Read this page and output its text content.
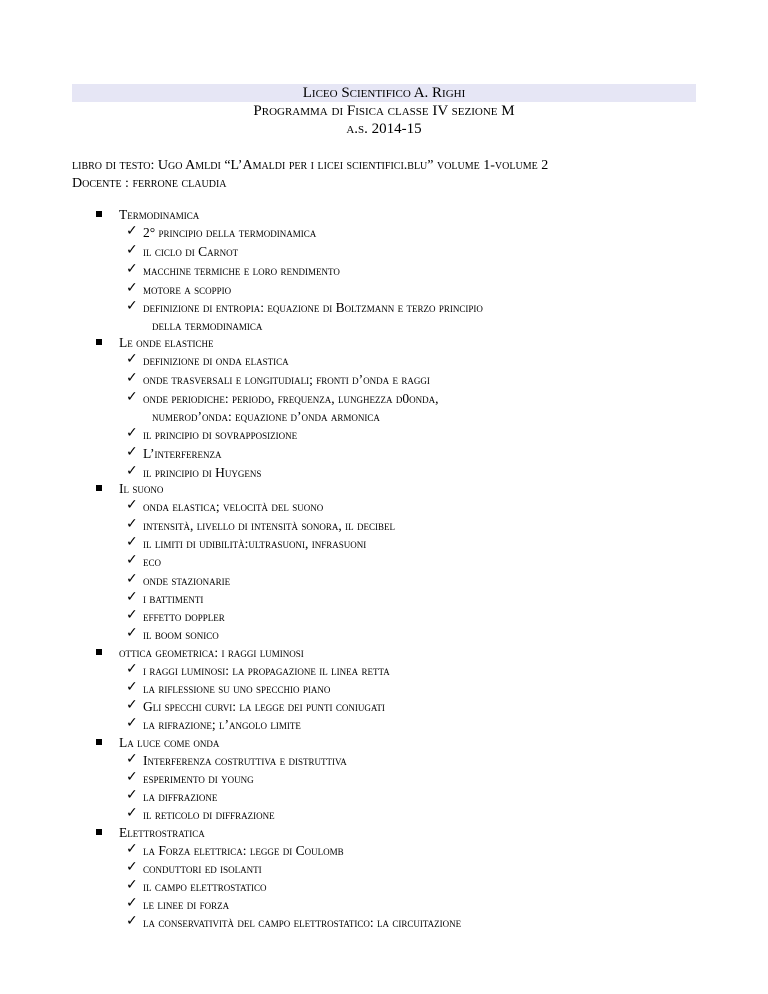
Liceo Scientifico A. Righi
Programma di Fisica classe IV sezione M
a.s. 2014-15
libro di testo: Ugo Amldi “L’Amaldi per i licei scientifici.blu” volume 1-volume 2
Docente : ferrone claudia
Termodinamica
✓ 2° principio della termodinamica
✓ il ciclo di Carnot
✓ macchine termiche e loro rendimento
✓ motore a scoppio
✓ definizione di entropia: equazione di Boltzmann e terzo principio
della termodinamica
Le onde elastiche
✓ definizione di onda elastica
✓ onde trasversali e longitudiali; fronti d’onda e raggi
✓ onde periodiche: periodo, frequenza, lunghezza d0onda,
numerod’onda: equazione d’onda armonica
✓ il principio di sovrapposizione
✓ L’interferenza
✓ il principio di Huygens
Il suono
✓ onda elastica; velocità del suono
✓ intensità, livello di intensità sonora, il decibel
✓ il limiti di udibilità:ultrasuoni, infrasuoni
✓ eco
✓ onde stazionarie
✓ i battimenti
✓ effetto doppler
✓ il boom sonico
ottica geometrica: i raggi luminosi
✓ i raggi luminosi: la propagazione il linea retta
✓ la riflessione su uno specchio piano
✓ Gli specchi curvi: la legge dei punti coniugati
✓ la rifrazione; l’angolo limite
La luce come onda
✓ Interferenza costruttiva e distruttiva
✓ esperimento di young
✓ la diffrazione
✓ il reticolo di diffrazione
Elettrostratica
✓ la Forza elettrica: legge di Coulomb
✓ conduttori ed isolanti
✓ il campo elettrostatico
✓ le linee di forza
✓ la conservatività del campo elettrostatico: la circuitazione
